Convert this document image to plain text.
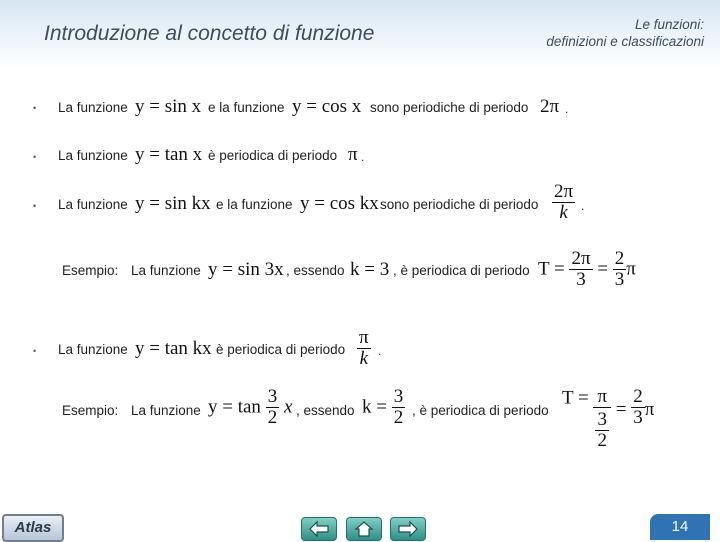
Introduzione al concetto di funzione	Le funzioni:
definizioni e classificazioni
• La funzione y = sin x e la funzione y = cos x sono periodiche di periodo 2π .
• La funzione y = tan x è periodica di periodo π .
• La funzione y = sin kx e la funzione y = cos kx sono periodiche di periodo $\frac{2\pi}{k}$ .
Esempio: La funzione y = sin 3x , essendo k = 3 , è periodica di periodo $T = \frac{2\pi}{3} = \frac{2}{3}$ π
• La funzione y = tan kx è periodica di periodo $\frac{\pi}{k}$ .
Esempio: La funzione $y = \tan \frac{3}{2}$ x , essendo $k = \frac{3}{2}$ , è periodica di periodo
$T = \frac{\pi}{\frac{3}{2}} = \frac{2}{3}$ π
Atlas	14
